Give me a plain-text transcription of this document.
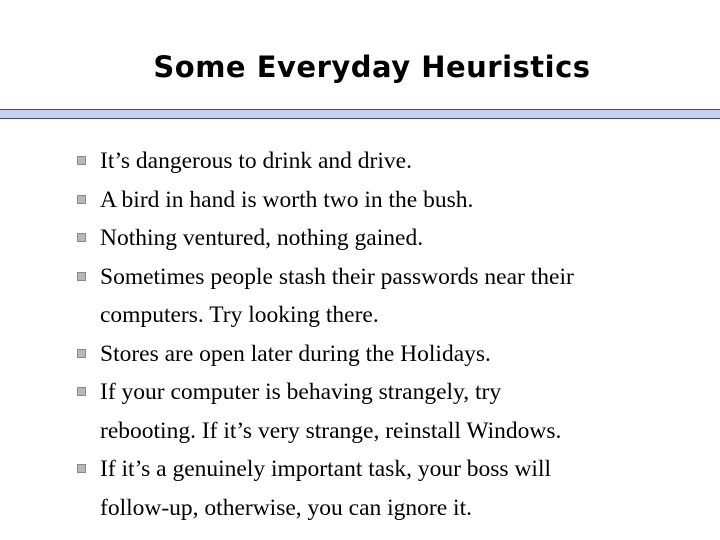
Some Everyday Heuristics
It’s dangerous to drink and drive.
A bird in hand is worth two in the bush.
Nothing ventured, nothing gained.
Sometimes people stash their passwords near their
computers. Try looking there.
Stores are open later during the Holidays.
If your computer is behaving strangely, try
rebooting. If it’s very strange, reinstall Windows.
If it’s a genuinely important task, your boss will
follow-up, otherwise, you can ignore it.
